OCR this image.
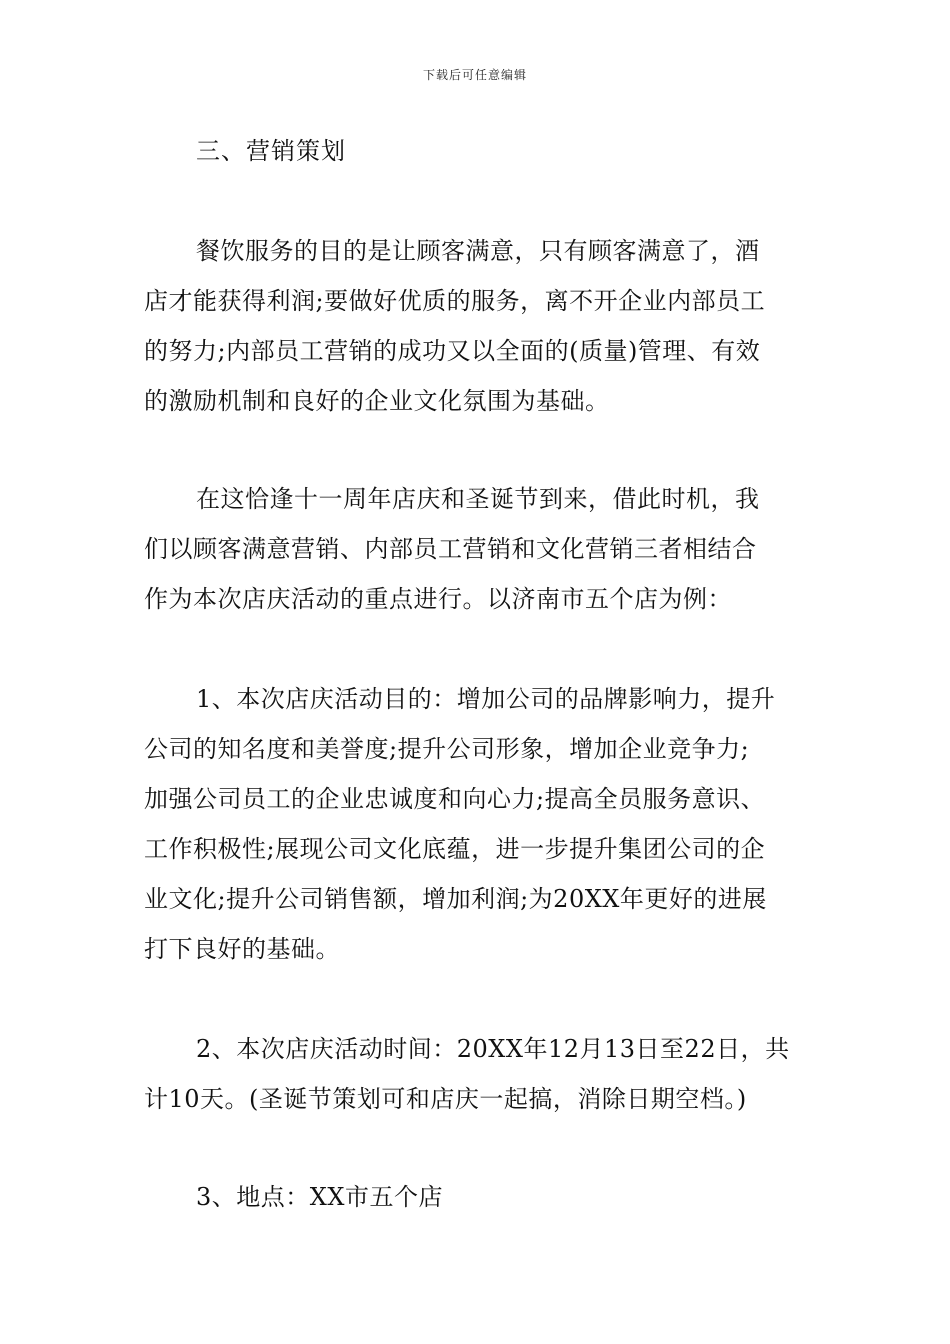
下载后可任意编辑
三、营销策划
餐饮服务的目的是让顾客满意，只有顾客满意了，酒
店才能获得利润;要做好优质的服务，离不开企业内部员工
的努力;内部员工营销的成功又以全面的(质量)管理、有效
的激励机制和良好的企业文化氛围为基础。
在这恰逢十一周年店庆和圣诞节到来，借此时机，我
们以顾客满意营销、内部员工营销和文化营销三者相结合
作为本次店庆活动的重点进行。以济南市五个店为例：
1、本次店庆活动目的：增加公司的品牌影响力，提升
公司的知名度和美誉度;提升公司形象，增加企业竞争力;
加强公司员工的企业忠诚度和向心力;提高全员服务意识、
工作积极性;展现公司文化底蕴，进一步提升集团公司的企
业文化;提升公司销售额，增加利润;为20XX年更好的进展
打下良好的基础。
2、本次店庆活动时间：20XX年12月13日至22日，共
计10天。(圣诞节策划可和店庆一起搞，消除日期空档。)
3、地点：XX市五个店
